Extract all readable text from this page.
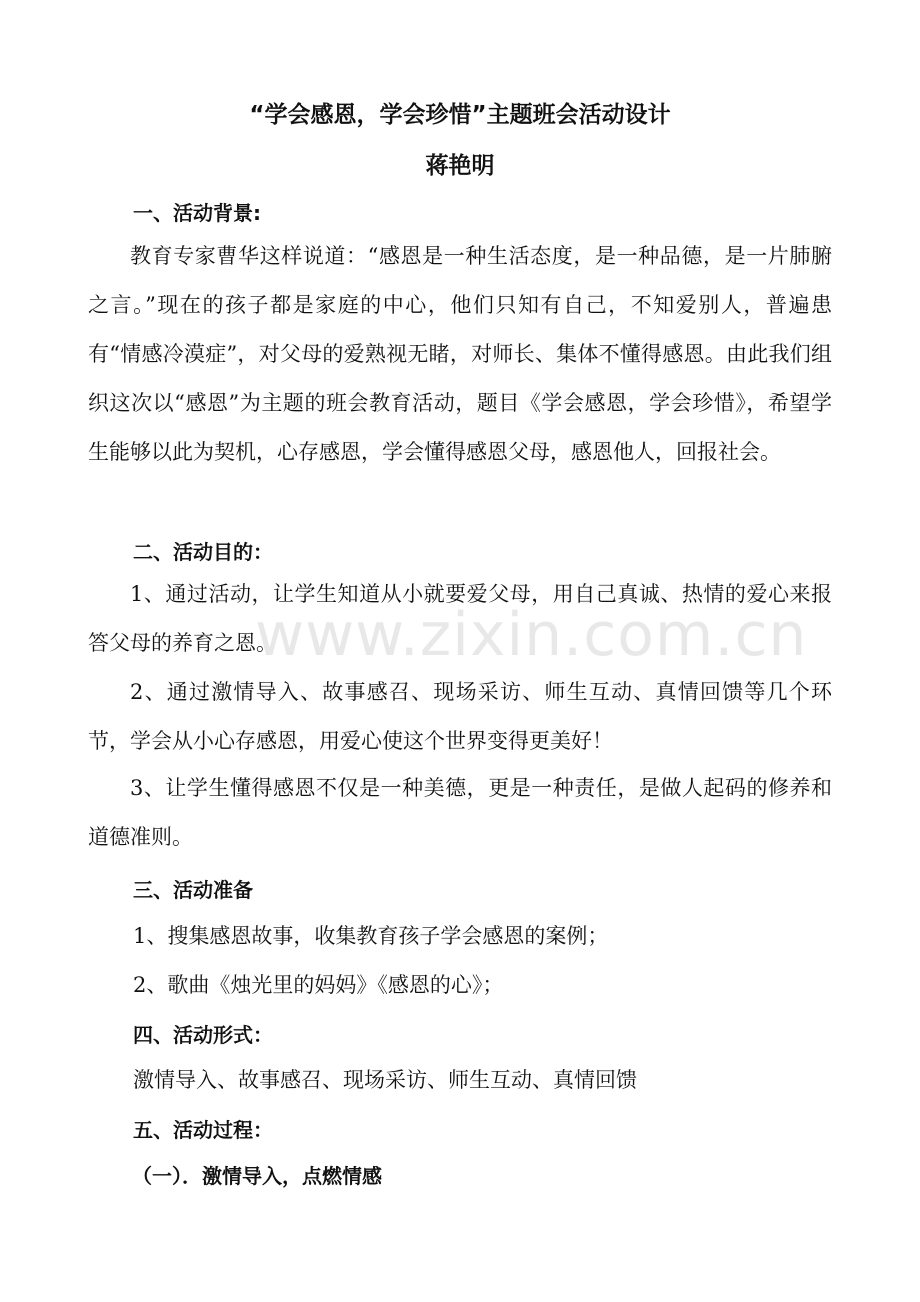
“学会感恩，学会珍惜”主题班会活动设计
蒋艳明
一、活动背景:
教育专家曹华这样说道：“感恩是一种生活态度，是一种品德，是一片肺腑之言。”现在的孩子都是家庭的中心，他们只知有自己，不知爱别人，普遍患有“情感冷漠症”，对父母的爱熟视无睹，对师长、集体不懂得感恩。由此我们组织这次以“感恩”为主题的班会教育活动，题目《学会感恩，学会珍惜》，希望学生能够以此为契机，心存感恩，学会懂得感恩父母，感恩他人，回报社会。
二、活动目的：
1、通过活动，让学生知道从小就要爱父母，用自己真诚、热情的爱心来报答父母的养育之恩。
2、通过激情导入、故事感召、现场采访、师生互动、真情回馈等几个环节，学会从小心存感恩，用爱心使这个世界变得更美好！
3、让学生懂得感恩不仅是一种美德，更是一种责任，是做人起码的修养和道德准则。
三、活动准备
1、搜集感恩故事，收集教育孩子学会感恩的案例；
2、歌曲《烛光里的妈妈》《感恩的心》；
四、活动形式：
激情导入、故事感召、现场采访、师生互动、真情回馈
五、活动过程：
（一）．激情导入，点燃情感
www.zixin.com.cn
